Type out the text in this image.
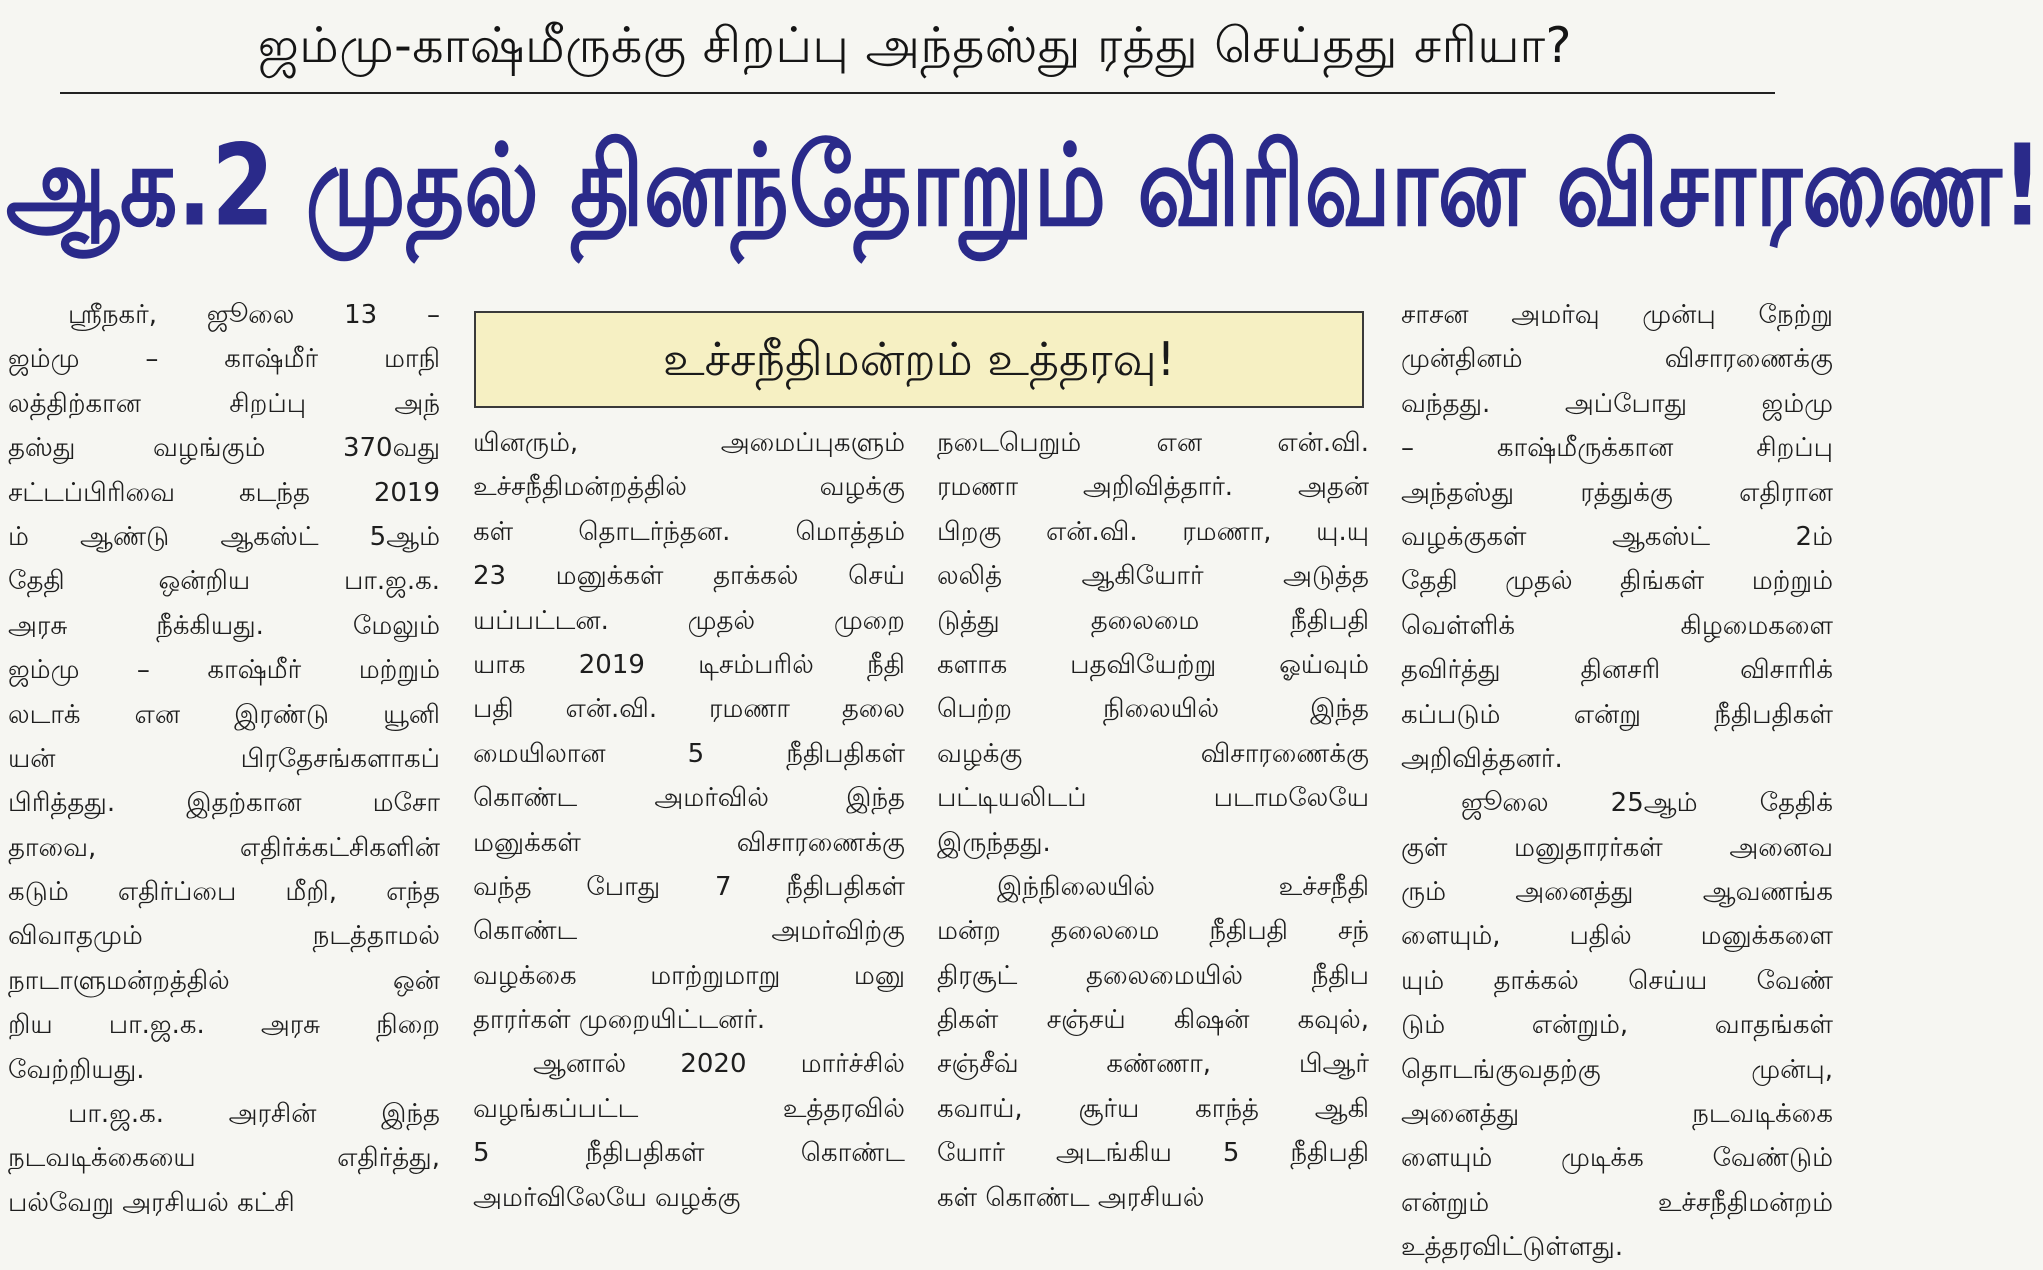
ஜம்மு-காஷ்மீருக்கு சிறப்பு அந்தஸ்து ரத்து செய்தது சரியா?
ஆக.2 முதல் தினந்தோறும் விரிவான விசாரணை!
உச்சநீதிமன்றம் உத்தரவு!
ஸ்ரீநகர், ஜூலை 13 –
ஜம்மு – காஷ்மீர் மாநி
லத்திற்கான சிறப்பு அந்
தஸ்து வழங்கும் 370வது
சட்டப்பிரிவை கடந்த 2019
ம் ஆண்டு ஆகஸ்ட் 5ஆம்
தேதி ஒன்றிய பா.ஜ.க.
அரசு நீக்கியது. மேலும்
ஜம்மு – காஷ்மீர் மற்றும்
லடாக் என இரண்டு யூனி
யன் பிரதேசங்களாகப்
பிரித்தது. இதற்கான மசோ
தாவை, எதிர்க்கட்சிகளின்
கடும் எதிர்ப்பை மீறி, எந்த
விவாதமும் நடத்தாமல்
நாடாளுமன்றத்தில் ஒன்
றிய பா.ஜ.க. அரசு நிறை
வேற்றியது.
பா.ஜ.க. அரசின் இந்த
நடவடிக்கையை எதிர்த்து,
பல்வேறு அரசியல் கட்சி
யினரும், அமைப்புகளும்
உச்சநீதிமன்றத்தில் வழக்கு
கள் தொடர்ந்தன. மொத்தம்
23 மனுக்கள் தாக்கல் செய்
யப்பட்டன. முதல் முறை
யாக 2019 டிசம்பரில் நீதி
பதி என்.வி. ரமணா தலை
மையிலான 5 நீதிபதிகள்
கொண்ட அமர்வில் இந்த
மனுக்கள் விசாரணைக்கு
வந்த போது 7 நீதிபதிகள்
கொண்ட அமர்விற்கு
வழக்கை மாற்றுமாறு மனு
தாரர்கள் முறையிட்டனர்.
ஆனால் 2020 மார்ச்சில்
வழங்கப்பட்ட உத்தரவில்
5 நீதிபதிகள் கொண்ட
அமர்விலேயே வழக்கு
நடைபெறும் என என்.வி.
ரமணா அறிவித்தார். அதன்
பிறகு என்.வி. ரமணா, யு.யு
லலித் ஆகியோர் அடுத்த
டுத்து தலைமை நீதிபதி
களாக பதவியேற்று ஓய்வும்
பெற்ற நிலையில் இந்த
வழக்கு விசாரணைக்கு
பட்டியலிடப் படாமலேயே
இருந்தது.
இந்நிலையில் உச்சநீதி
மன்ற தலைமை நீதிபதி சந்
திரசூட் தலைமையில் நீதிப
திகள் சஞ்சய் கிஷன் கவுல்,
சஞ்சீவ் கண்ணா, பிஆர்
கவாய், சூர்ய காந்த் ஆகி
யோர் அடங்கிய 5 நீதிபதி
கள் கொண்ட அரசியல்
சாசன அமர்வு முன்பு நேற்று
முன்தினம் விசாரணைக்கு
வந்தது. அப்போது ஜம்மு
– காஷ்மீருக்கான சிறப்பு
அந்தஸ்து ரத்துக்கு எதிரான
வழக்குகள் ஆகஸ்ட் 2ம்
தேதி முதல் திங்கள் மற்றும்
வெள்ளிக் கிழமைகளை
தவிர்த்து தினசரி விசாரிக்
கப்படும் என்று நீதிபதிகள்
அறிவித்தனர்.
ஜூலை 25ஆம் தேதிக்
குள் மனுதாரர்கள் அனைவ
ரும் அனைத்து ஆவணங்க
ளையும், பதில் மனுக்களை
யும் தாக்கல் செய்ய வேண்
டும் என்றும், வாதங்கள்
தொடங்குவதற்கு முன்பு,
அனைத்து நடவடிக்கை
ளையும் முடிக்க வேண்டும்
என்றும் உச்சநீதிமன்றம்
உத்தரவிட்டுள்ளது.
